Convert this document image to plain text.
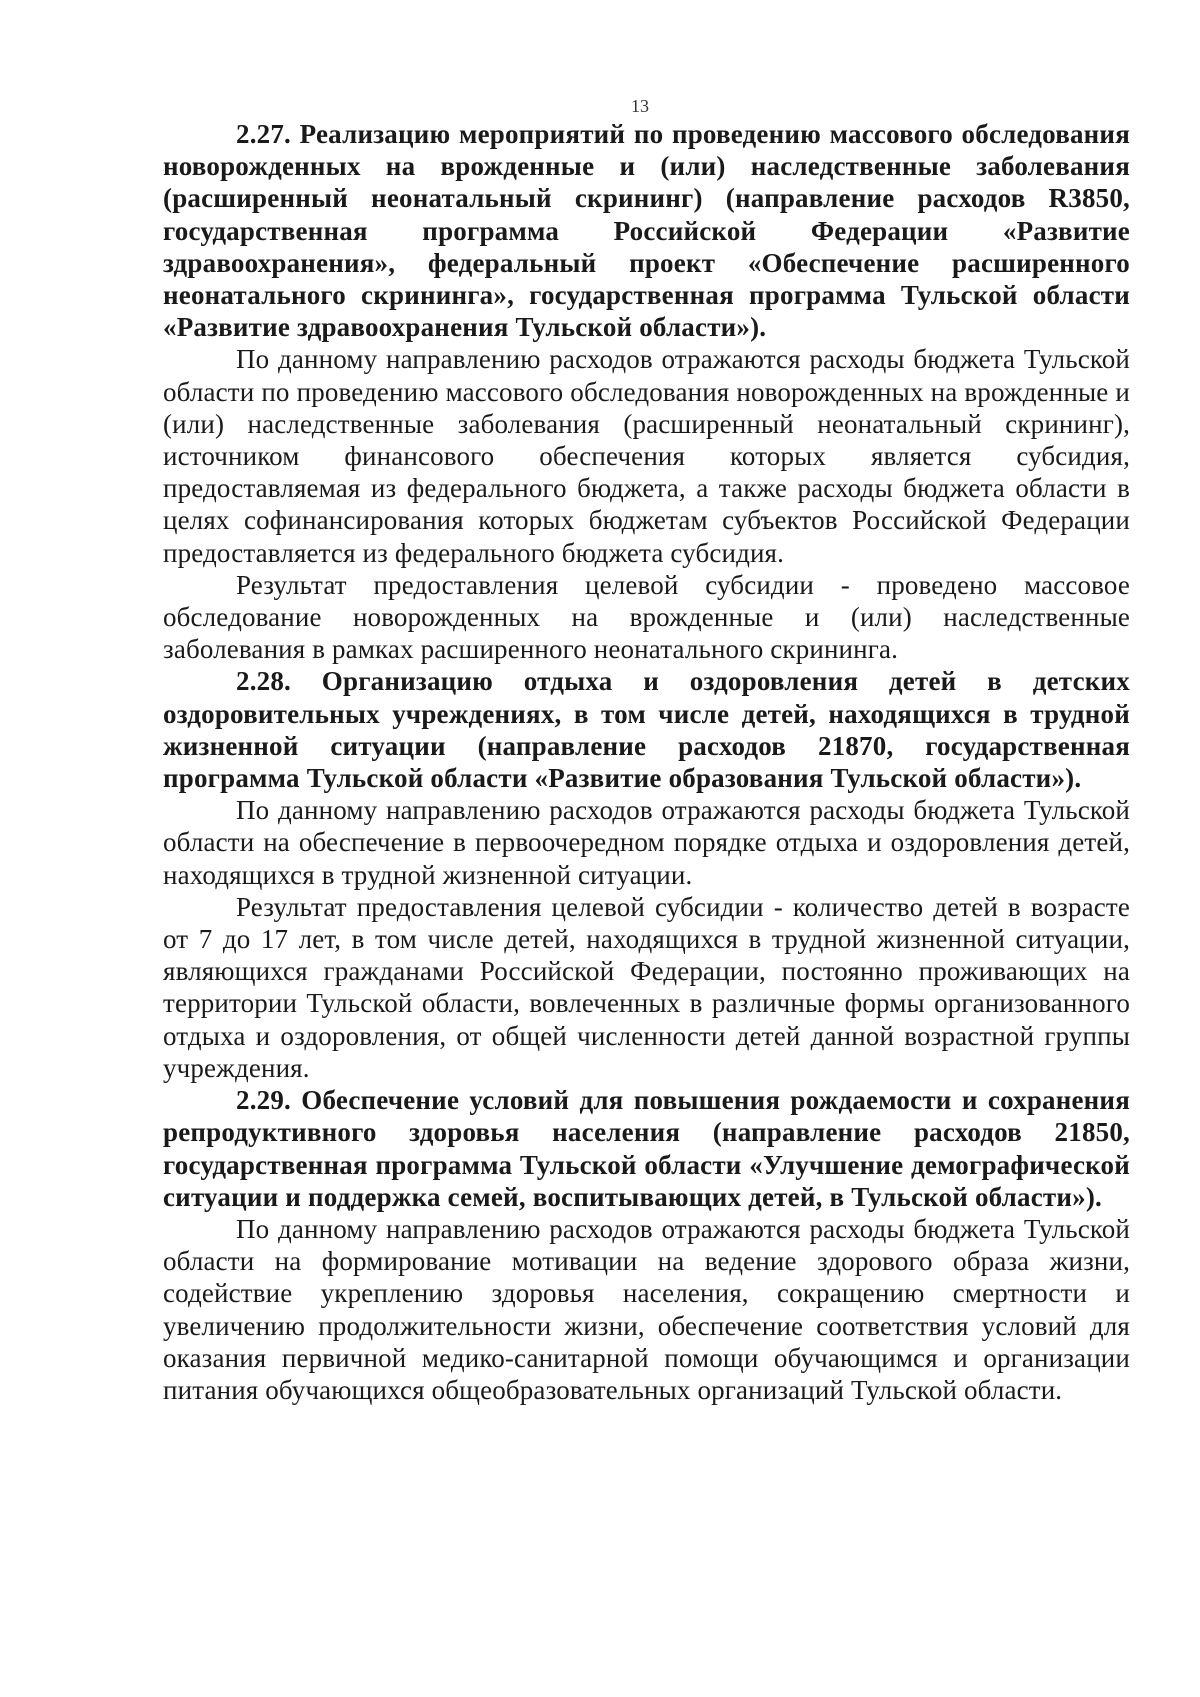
13

2.27. Реализацию мероприятий по проведению массового обследования новорожденных на врожденные и (или) наследственные заболевания (расширенный неонатальный скрининг) (направление расходов R3850, государственная программа Российской Федерации «Развитие здравоохранения», федеральный проект «Обеспечение расширенного неонатального скрининга», государственная программа Тульской области «Развитие здравоохранения Тульской области»).

По данному направлению расходов отражаются расходы бюджета Тульской области по проведению массового обследования новорожденных на врожденные и (или) наследственные заболевания (расширенный неонатальный скрининг), источником финансового обеспечения которых является субсидия, предоставляемая из федерального бюджета, а также расходы бюджета области в целях софинансирования которых бюджетам субъектов Российской Федерации предоставляется из федерального бюджета субсидия.

Результат предоставления целевой субсидии - проведено массовое обследование новорожденных на врожденные и (или) наследственные заболевания в рамках расширенного неонатального скрининга.

2.28. Организацию отдыха и оздоровления детей в детских оздоровительных учреждениях, в том числе детей, находящихся в трудной жизненной ситуации (направление расходов 21870, государственная программа Тульской области «Развитие образования Тульской области»).

По данному направлению расходов отражаются расходы бюджета Тульской области на обеспечение в первоочередном порядке отдыха и оздоровления детей, находящихся в трудной жизненной ситуации.

Результат предоставления целевой субсидии - количество детей в возрасте от 7 до 17 лет, в том числе детей, находящихся в трудной жизненной ситуации, являющихся гражданами Российской Федерации, постоянно проживающих на территории Тульской области, вовлеченных в различные формы организованного отдыха и оздоровления, от общей численности детей данной возрастной группы учреждения.

2.29. Обеспечение условий для повышения рождаемости и сохранения репродуктивного здоровья населения (направление расходов 21850, государственная программа Тульской области «Улучшение демографической ситуации и поддержка семей, воспитывающих детей, в Тульской области»).

По данному направлению расходов отражаются расходы бюджета Тульской области на формирование мотивации на ведение здорового образа жизни, содействие укреплению здоровья населения, сокращению смертности и увеличению продолжительности жизни, обеспечение соответствия условий для оказания первичной медико-санитарной помощи обучающимся и организации питания обучающихся общеобразовательных организаций Тульской области.
